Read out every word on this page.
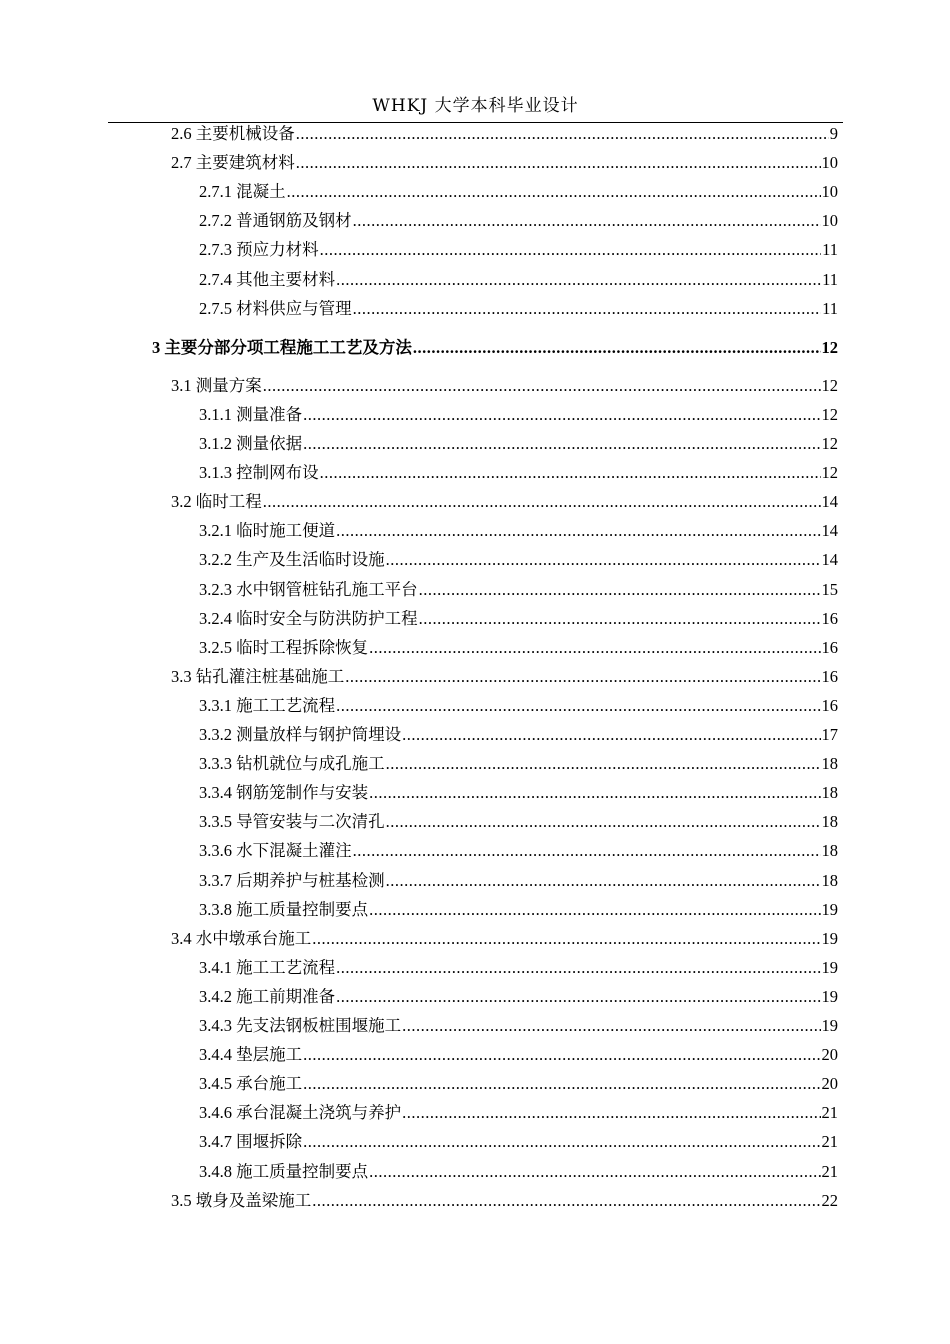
WHKJ 大学本科毕业设计
2.6 主要机械设备 .....	9
2.7 主要建筑材料 .....	10
2.7.1 混凝土 .....	10
2.7.2 普通钢筋及钢材 .....	10
2.7.3 预应力材料 .....	11
2.7.4 其他主要材料 .....	11
2.7.5 材料供应与管理 .....	11
3 主要分部分项工程施工工艺及方法 .....	12
3.1 测量方案 .....	12
3.1.1 测量准备 .....	12
3.1.2 测量依据 .....	12
3.1.3 控制网布设 .....	12
3.2 临时工程 .....	14
3.2.1 临时施工便道 .....	14
3.2.2 生产及生活临时设施 .....	14
3.2.3 水中钢管桩钻孔施工平台 .....	15
3.2.4 临时安全与防洪防护工程 .....	16
3.2.5 临时工程拆除恢复 .....	16
3.3 钻孔灌注桩基础施工 .....	16
3.3.1 施工工艺流程 .....	16
3.3.2 测量放样与钢护筒埋设 .....	17
3.3.3 钻机就位与成孔施工 .....	18
3.3.4 钢筋笼制作与安装 .....	18
3.3.5 导管安装与二次清孔 .....	18
3.3.6 水下混凝土灌注 .....	18
3.3.7 后期养护与桩基检测 .....	18
3.3.8 施工质量控制要点 .....	19
3.4 水中墩承台施工 .....	19
3.4.1 施工工艺流程 .....	19
3.4.2 施工前期准备 .....	19
3.4.3 先支法钢板桩围堰施工 .....	19
3.4.4 垫层施工 .....	20
3.4.5 承台施工 .....	20
3.4.6 承台混凝土浇筑与养护 .....	21
3.4.7 围堰拆除 .....	21
3.4.8 施工质量控制要点 .....	21
3.5 墩身及盖梁施工 .....	22
